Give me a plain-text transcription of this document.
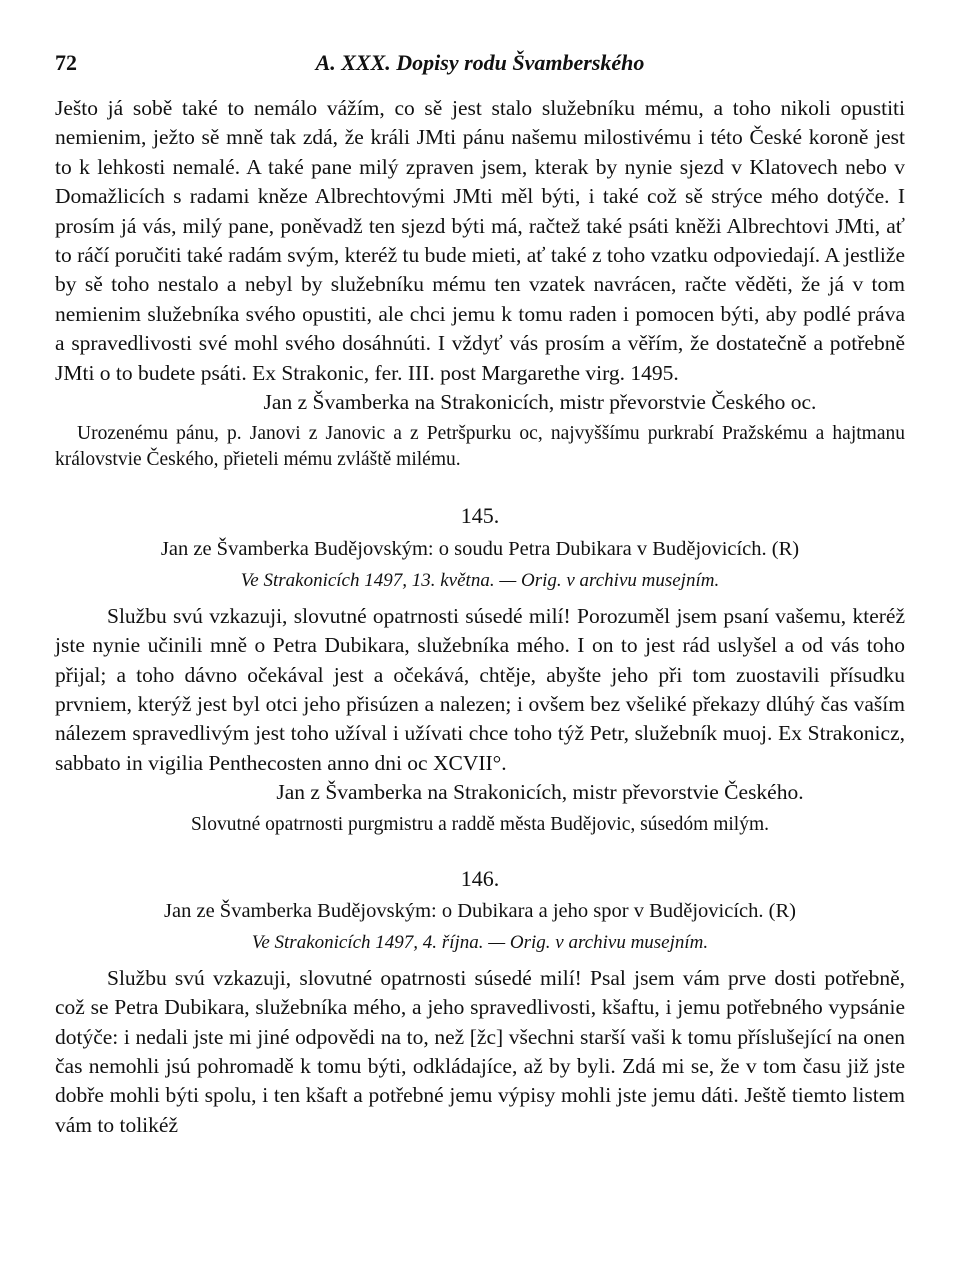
72	A. XXX. Dopisy rodu Švamberského

Ješto já sobě také to nemálo vážím, co sě jest stalo služebníku mému, a toho nikoli opustiti nemienim, ježto sě mně tak zdá, že králi JMti pánu našemu milostivému i této České koroně jest to k lehkosti nemalé. A také pane milý zpraven jsem, kterak by nynie sjezd v Klatovech nebo v Domažlicích s radami kněze Albrechtovými JMti měl býti, i také což sě strýce mého dotýče. I prosím já vás, milý pane, poněvadž ten sjezd býti má, račtež také psáti kněži Albrechtovi JMti, ať to ráčí poručiti také radám svým, kteréž tu bude mieti, ať také z toho vzatku odpoviedají. A jestliže by sě toho nestalo a nebyl by služebníku mému ten vzatek navrácen, račte věděti, že já v tom nemienim služebníka svého opustiti, ale chci jemu k tomu raden i pomocen býti, aby podlé práva a spravedlivosti své mohl svého dosáhnúti. I vždyť vás prosím a věřím, že dostatečně a potřebně JMti o to budete psáti. Ex Strakonic, fer. III. post Margarethe virg. 1495.

Jan z Švamberka na Strakonicích, mistr převorstvie Českého oc.

Urozenému pánu, p. Janovi z Janovic a z Petršpurku oc, najvyššímu purkrabí Pražskému a hajtmanu královstvie Českého, přieteli mému zvláště milému.

145.

Jan ze Švamberka Budějovským: o soudu Petra Dubikara v Budějovicích. (R)

Ve Strakonicích 1497, 13. května. — Orig. v archivu musejním.

Službu svú vzkazuji, slovutné opatrnosti súsedé milí! Porozuměl jsem psaní vašemu, kteréž jste nynie učinili mně o Petra Dubikara, služebníka mého. I on to jest rád uslyšel a od vás toho přijal; a toho dávno očekával jest a očekává, chtěje, abyšte jeho při tom zuostavili přísudku prvniem, kterýž jest byl otci jeho přisúzen a nalezen; i ovšem bez všeliké překazy dlúhý čas vaším nálezem spravedlivým jest toho užíval i užívati chce toho týž Petr, služebník muoj. Ex Strakonicz, sabbato in vigilia Penthecosten anno dni oc XCVII°.

Jan z Švamberka na Strakonicích, mistr převorstvie Českého.

Slovutné opatrnosti purgmistru a raddě města Budějovic, súsedóm milým.

146.

Jan ze Švamberka Budějovským: o Dubikara a jeho spor v Budějovicích. (R)

Ve Strakonicích 1497, 4. října. — Orig. v archivu musejním.

Službu svú vzkazuji, slovutné opatrnosti súsedé milí! Psal jsem vám prve dosti potřebně, což se Petra Dubikara, služebníka mého, a jeho spravedlivosti, kšaftu, i jemu potřebného vypsánie dotýče: i nedali jste mi jiné odpovědi na to, než [žc] všechni starší vaši k tomu příslušející na onen čas nemohli jsú pohromadě k tomu býti, odkládajíce, až by byli. Zdá mi se, že v tom času již jste dobře mohli býti spolu, i ten kšaft a potřebné jemu výpisy mohli jste jemu dáti. Ještě tiemto listem vám to tolikéž
